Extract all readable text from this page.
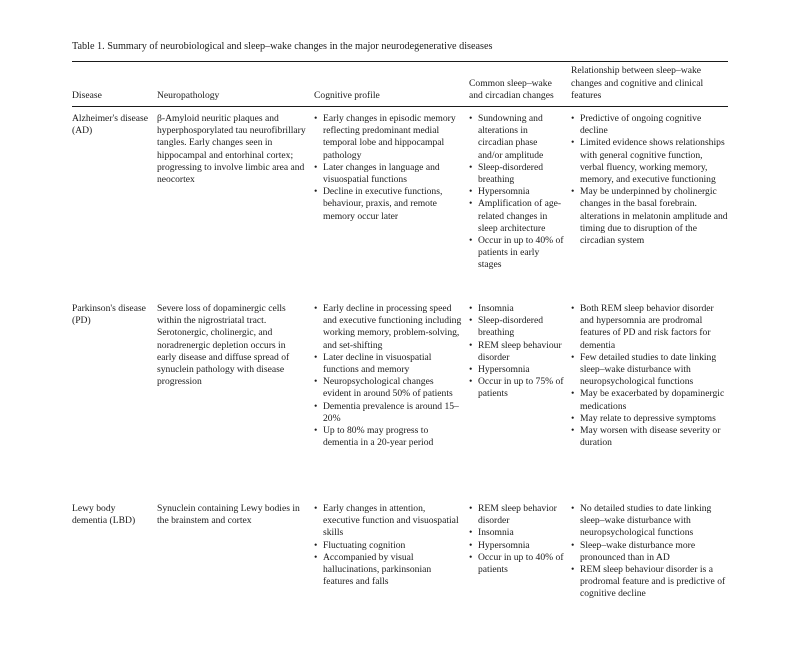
Table 1. Summary of neurobiological and sleep–wake changes in the major neurodegenerative diseases
Disease	Neuropathology	Cognitive profile
Common sleep–wake and circadian changes
Relationship between sleep–wake changes and cognitive and clinical features
Alzheimer's disease (AD)
β-Amyloid neuritic plaques and hyperphosporylated tau neurofibrillary tangles. Early changes seen in hippocampal and entorhinal cortex; progressing to involve limbic area and neocortex
• Early changes in episodic memory reflecting predominant medial temporal lobe and hippocampal pathology
• Later changes in language and visuospatial functions
• Decline in executive functions, behaviour, praxis, and remote memory occur later
• Sundowning and alterations in circadian phase and/or amplitude
• Sleep-disordered breathing
• Hypersomnia
• Amplification of age-related changes in sleep architecture
• Occur in up to 40% of patients in early stages
• Predictive of ongoing cognitive decline
• Limited evidence shows relationships with general cognitive function, verbal fluency, working memory, memory, and executive functioning
• May be underpinned by cholinergic changes in the basal forebrain. alterations in melatonin amplitude and timing due to disruption of the circadian system
Parkinson's disease (PD)
Severe loss of dopaminergic cells within the nigrostriatal tract. Serotonergic, cholinergic, and noradrenergic depletion occurs in early disease and diffuse spread of synuclein pathology with disease progression
• Early decline in processing speed and executive functioning including working memory, problem-solving, and set-shifting
• Later decline in visuospatial functions and memory
• Neuropsychological changes evident in around 50% of patients
• Dementia prevalence is around 15–20%
• Up to 80% may progress to dementia in a 20-year period
• Insomnia
• Sleep-disordered breathing
• REM sleep behaviour disorder
• Hypersomnia
• Occur in up to 75% of patients
• Both REM sleep behavior disorder and hypersomnia are prodromal features of PD and risk factors for dementia
• Few detailed studies to date linking sleep–wake disturbance with neuropsychological functions
• May be exacerbated by dopaminergic medications
• May relate to depressive symptoms
• May worsen with disease severity or duration
Lewy body dementia (LBD)
Synuclein containing Lewy bodies in the brainstem and cortex
• Early changes in attention, executive function and visuospatial skills
• Fluctuating cognition
• Accompanied by visual hallucinations, parkinsonian features and falls
• REM sleep behavior disorder
• Insomnia
• Hypersomnia
• Occur in up to 40% of patients
• No detailed studies to date linking sleep–wake disturbance with neuropsychological functions
• Sleep–wake disturbance more pronounced than in AD
• REM sleep behaviour disorder is a prodromal feature and is predictive of cognitive decline
